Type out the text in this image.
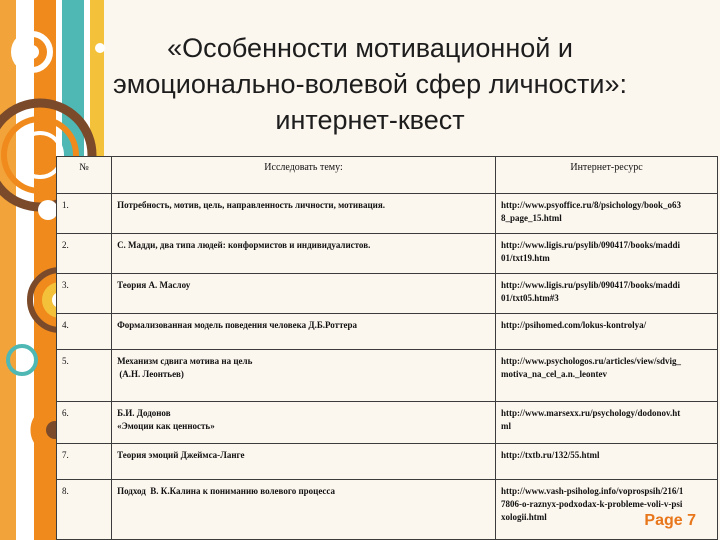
«Особенности мотивационной и
эмоционально-волевой сфер личности»:
интернет-квест
№	Исследовать тему:	Интернет-ресурс
1.	Потребность, мотив, цель, направленность личности, мотивация.	http://www.psyoffice.ru/8/psichology/book_o63
8_page_15.html

2.	С. Мадди, два типа людей: конформистов и индивидуалистов.	http://www.ligis.ru/psylib/090417/books/maddi
01/txt19.htm

3.	Теория А. Маслоу	http://www.ligis.ru/psylib/090417/books/maddi
01/txt05.htm#3

4.	Формализованная модель поведения человека Д.Б.Роттера	http://psihomed.com/lokus-kontrolya/

5.	Механизм сдвига мотива на цель
(А.Н. Леонтьев)	http://www.psychologos.ru/articles/view/sdvig_
motiva_na_cel_a.n._leontev

6.	Б.И. Додонов
«Эмоции как ценность»	http://www.marsexx.ru/psychology/dodonov.ht
ml

7.	Теория эмоций Джеймса-Ланге	http://txtb.ru/132/55.html

8.	Подход  В. К.Калина к пониманию волевого процесса	http://www.vash-psiholog.info/voprospsih/216/1
7806-o-raznyx-podxodax-k-probleme-voli-v-psi
xologii.html	Page 7
